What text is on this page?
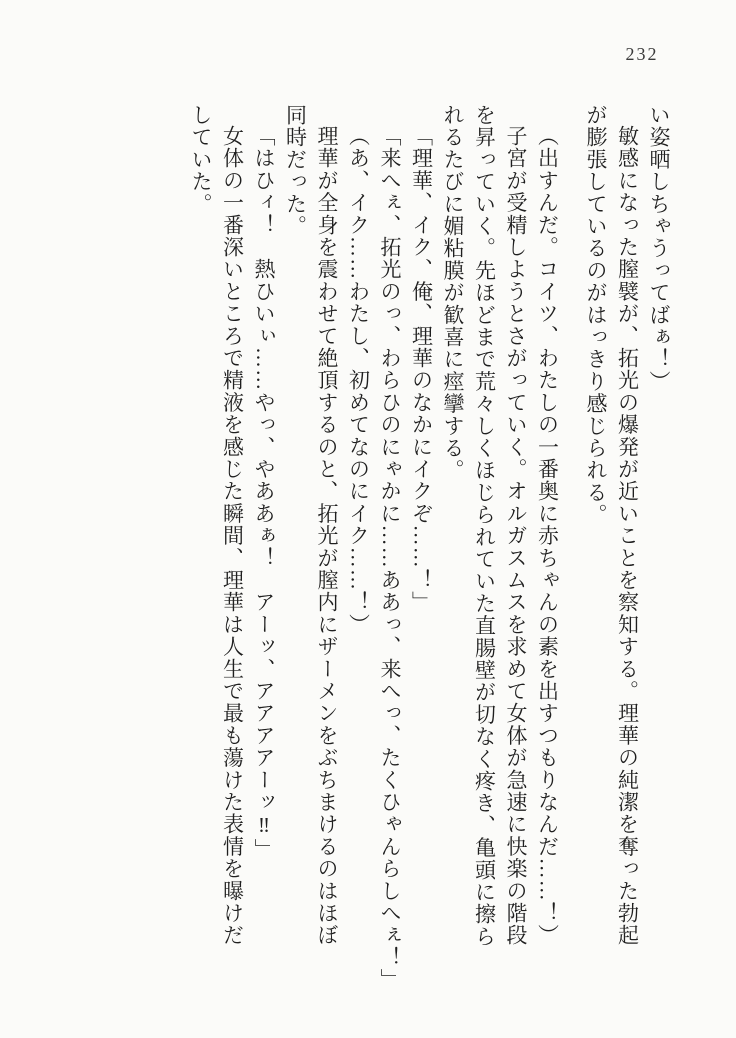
232
い姿晒しちゃうってばぁ！）
敏感になった膣襞が、拓光の爆発が近いことを察知する。理華の純潔を奪った勃起
が膨張しているのがはっきり感じられる。
（出すんだ。コイツ、わたしの一番奥に赤ちゃんの素を出すつもりなんだ……！）
子宮が受精しようとさがっていく。オルガスムスを求めて女体が急速に快楽の階段
を昇っていく。先ほどまで荒々しくほじられていた直腸壁が切なく疼き、亀頭に擦ら
れるたびに媚粘膜が歓喜に痙攣する。
「理華、イク、俺、理華のなかにイクぞ……！」
「来へぇ、拓光のっ、わらひのにゃかに……ああっ、来へっ、たくひゃんらしへぇ！」
（あ、イク……わたし、初めてなのにイク……！）
理華が全身を震わせて絶頂するのと、拓光が膣内にザーメンをぶちまけるのはほぼ
同時だった。
「はひィ！　熱ひいぃ……やっ、やああぁ！　アーッ、アアアアーッ‼」
女体の一番深いところで精液を感じた瞬間、理華は人生で最も蕩けた表情を曝けだ
していた。
